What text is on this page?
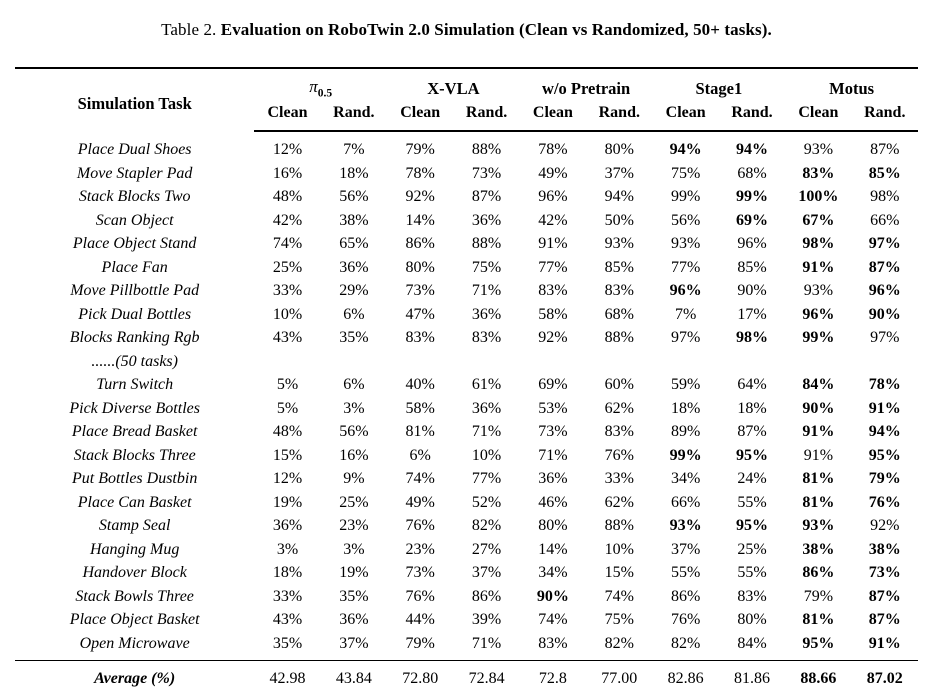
Table 2. Evaluation on RoboTwin 2.0 Simulation (Clean vs Randomized, 50+ tasks).
Simulation Task	$\pi_{0.5}$		X-VLA		w/o Pretrain		Stage1		Motus	
	Clean	Rand.	Clean	Rand.	Clean	Rand.	Clean	Rand.	Clean	Rand.
Place Dual Shoes	12%	7%	79%	88%	78%	80%	94%	94%	93%	87%
Move Stapler Pad	16%	18%	78%	73%	49%	37%	75%	68%	83%	85%
Stack Blocks Two	48%	56%	92%	87%	96%	94%	99%	99%	100%	98%
Scan Object	42%	38%	14%	36%	42%	50%	56%	69%	67%	66%
Place Object Stand	74%	65%	86%	88%	91%	93%	93%	96%	98%	97%
Place Fan	25%	36%	80%	75%	77%	85%	77%	85%	91%	87%
Move Pillbottle Pad	33%	29%	73%	71%	83%	83%	96%	90%	93%	96%
Pick Dual Bottles	10%	6%	47%	36%	58%	68%	7%	17%	96%	90%
Blocks Ranking Rgb	43%	35%	83%	83%	92%	88%	97%	98%	99%	97%
......(50 tasks)										
Turn Switch	5%	6%	40%	61%	69%	60%	59%	64%	84%	78%
Pick Diverse Bottles	5%	3%	58%	36%	53%	62%	18%	18%	90%	91%
Place Bread Basket	48%	56%	81%	71%	73%	83%	89%	87%	91%	94%
Stack Blocks Three	15%	16%	6%	10%	71%	76%	99%	95%	91%	95%
Put Bottles Dustbin	12%	9%	74%	77%	36%	33%	34%	24%	81%	79%
Place Can Basket	19%	25%	49%	52%	46%	62%	66%	55%	81%	76%
Stamp Seal	36%	23%	76%	82%	80%	88%	93%	95%	93%	92%
Hanging Mug	3%	3%	23%	27%	14%	10%	37%	25%	38%	38%
Handover Block	18%	19%	73%	37%	34%	15%	55%	55%	86%	73%
Stack Bowls Three	33%	35%	76%	86%	90%	74%	86%	83%	79%	87%
Place Object Basket	43%	36%	44%	39%	74%	75%	76%	80%	81%	87%
Open Microwave	35%	37%	79%	71%	83%	82%	82%	84%	95%	91%
Average (%)	42.98	43.84	72.80	72.84	72.8	77.00	82.86	81.86	88.66	87.02
